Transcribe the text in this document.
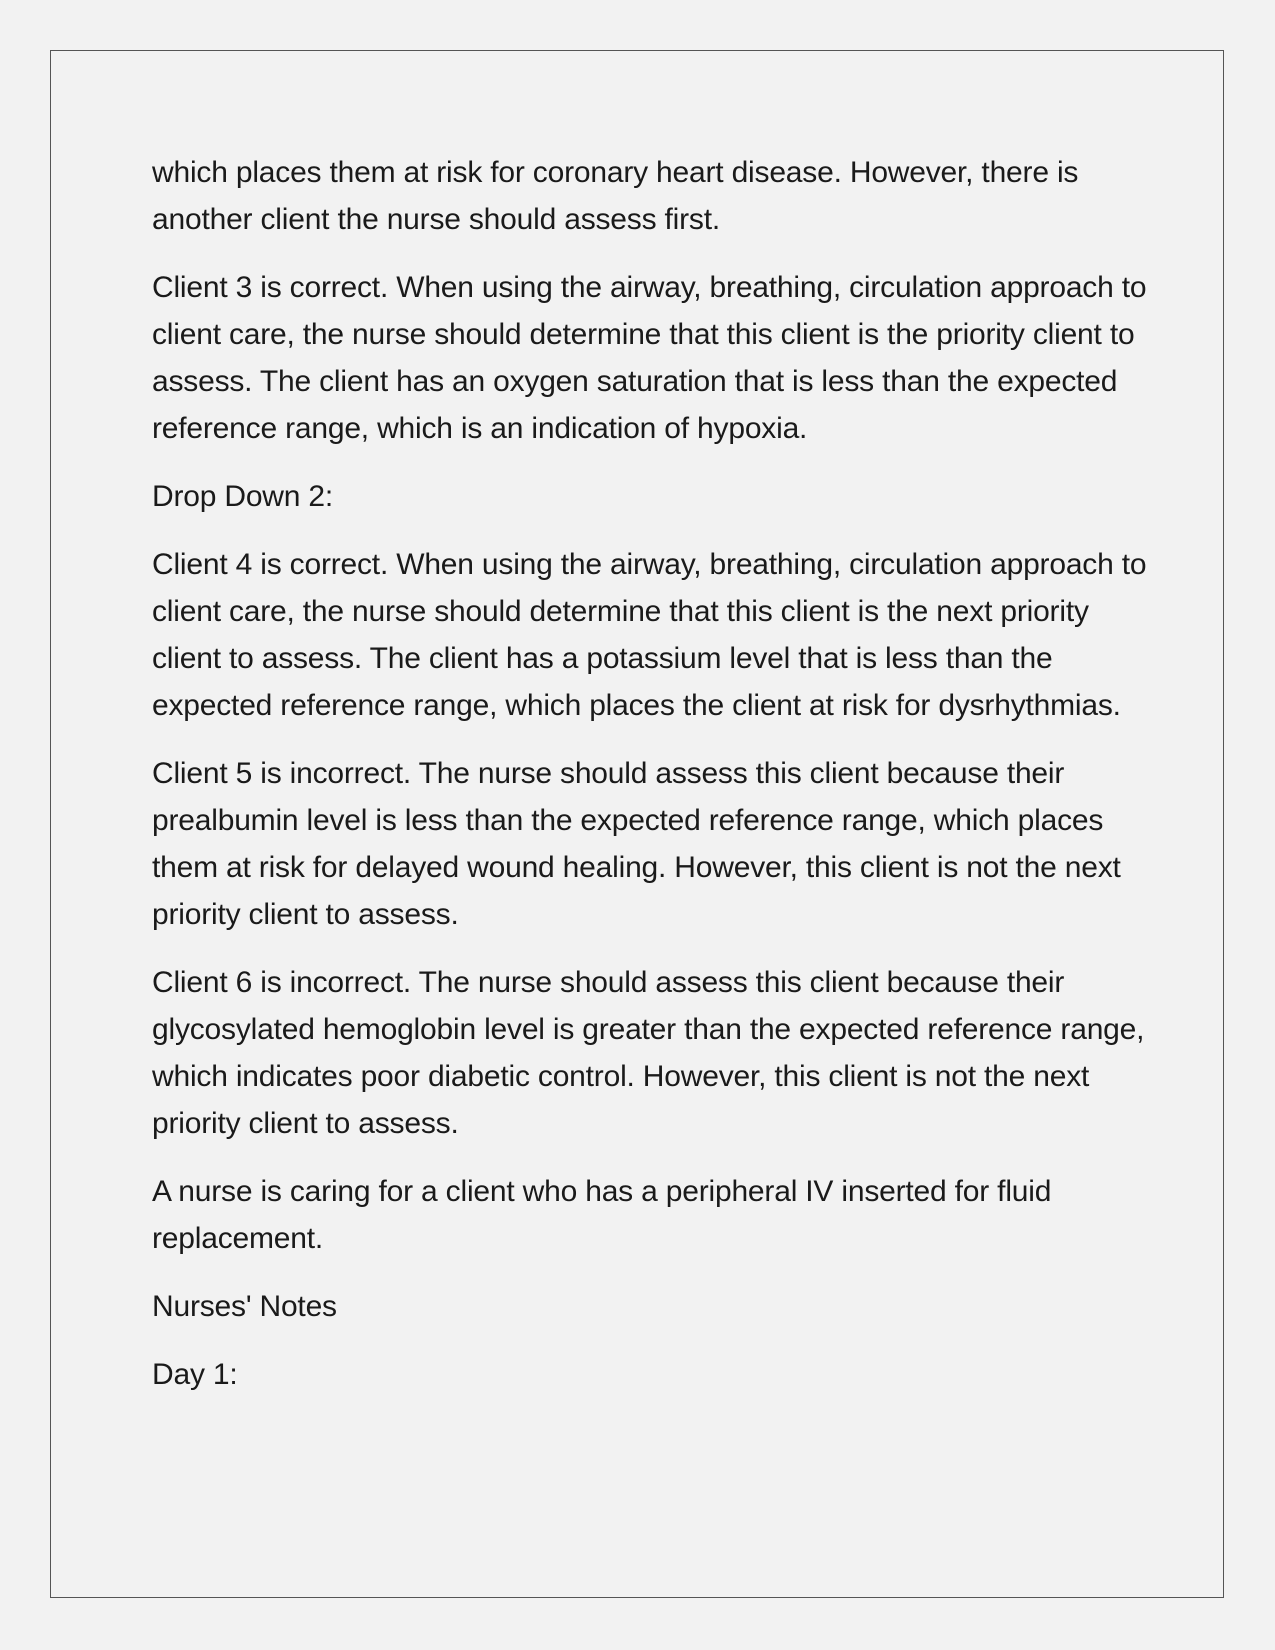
which places them at risk for coronary heart disease. However, there is another client the nurse should assess first.

Client 3 is correct. When using the airway, breathing, circulation approach to client care, the nurse should determine that this client is the priority client to assess. The client has an oxygen saturation that is less than the expected reference range, which is an indication of hypoxia.

Drop Down 2:

Client 4 is correct. When using the airway, breathing, circulation approach to client care, the nurse should determine that this client is the next priority client to assess. The client has a potassium level that is less than the expected reference range, which places the client at risk for dysrhythmias.

Client 5 is incorrect. The nurse should assess this client because their prealbumin level is less than the expected reference range, which places them at risk for delayed wound healing. However, this client is not the next priority client to assess.

Client 6 is incorrect. The nurse should assess this client because their glycosylated hemoglobin level is greater than the expected reference range, which indicates poor diabetic control. However, this client is not the next priority client to assess.

A nurse is caring for a client who has a peripheral IV inserted for fluid replacement.

Nurses' Notes

Day 1:
